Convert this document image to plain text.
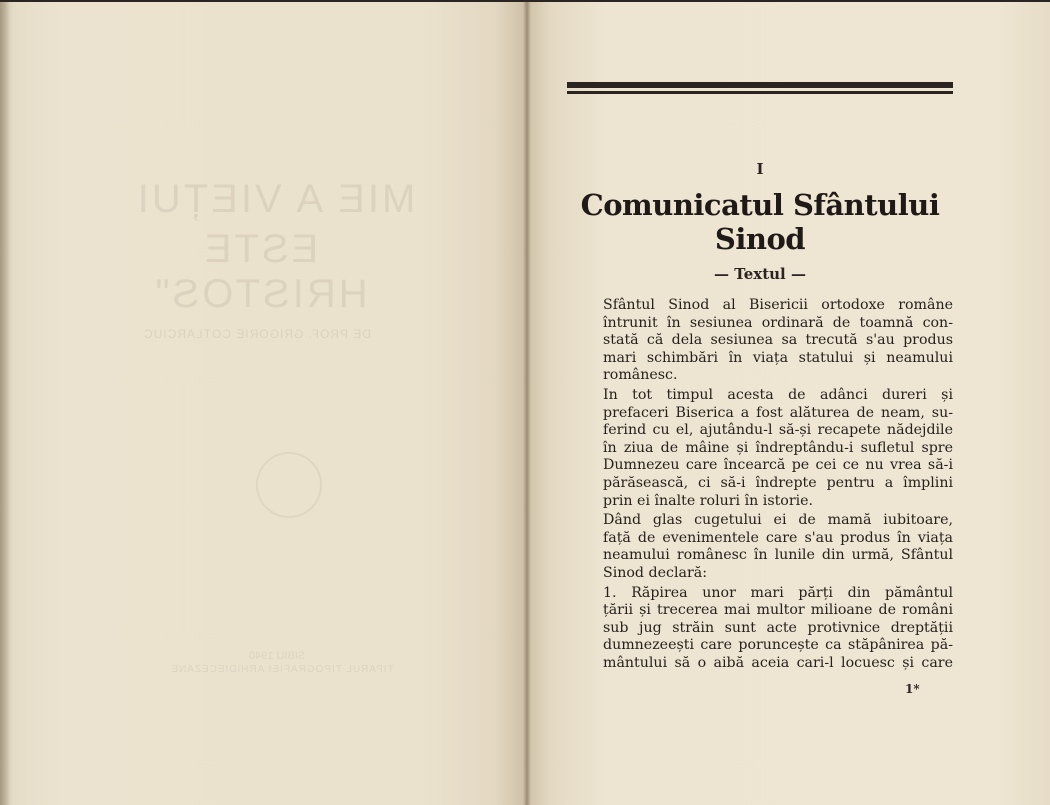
MIE A VIEȚUI
ESTE HRISTOS"
DE PROF. GRIGORIE COTLARCIUC
SIBIU 1940
TIPARUL TIPOGRAFIEI ARHIDIECEZANE
I
Comunicatul Sfântului
Sinod
— Textul —
Sfântul Sinod al Bisericii ortodoxe române
întrunit în sesiunea ordinară de toamnă con-
stată că dela sesiunea sa trecută s'au produs
mari schimbări în viața statului și neamului
românesc.
In tot timpul acesta de adânci dureri și
prefaceri Biserica a fost alăturea de neam, su-
ferind cu el, ajutându-l să-și recapete nădejdile
în ziua de mâine și îndreptându-i sufletul spre
Dumnezeu care încearcă pe cei ce nu vrea să-i
părăsească, ci să-i îndrepte pentru a împlini
prin ei înalte roluri în istorie.
Dând glas cugetului ei de mamă iubitoare,
față de evenimentele care s'au produs în viața
neamului românesc în lunile din urmă, Sfântul
Sinod declară:
1. Răpirea unor mari părți din pământul
țării și trecerea mai multor milioane de români
sub jug străin sunt acte protivnice dreptății
dumnezeești care poruncește ca stăpânirea pă-
mântului să o aibă aceia cari-l locuesc și care
1*
